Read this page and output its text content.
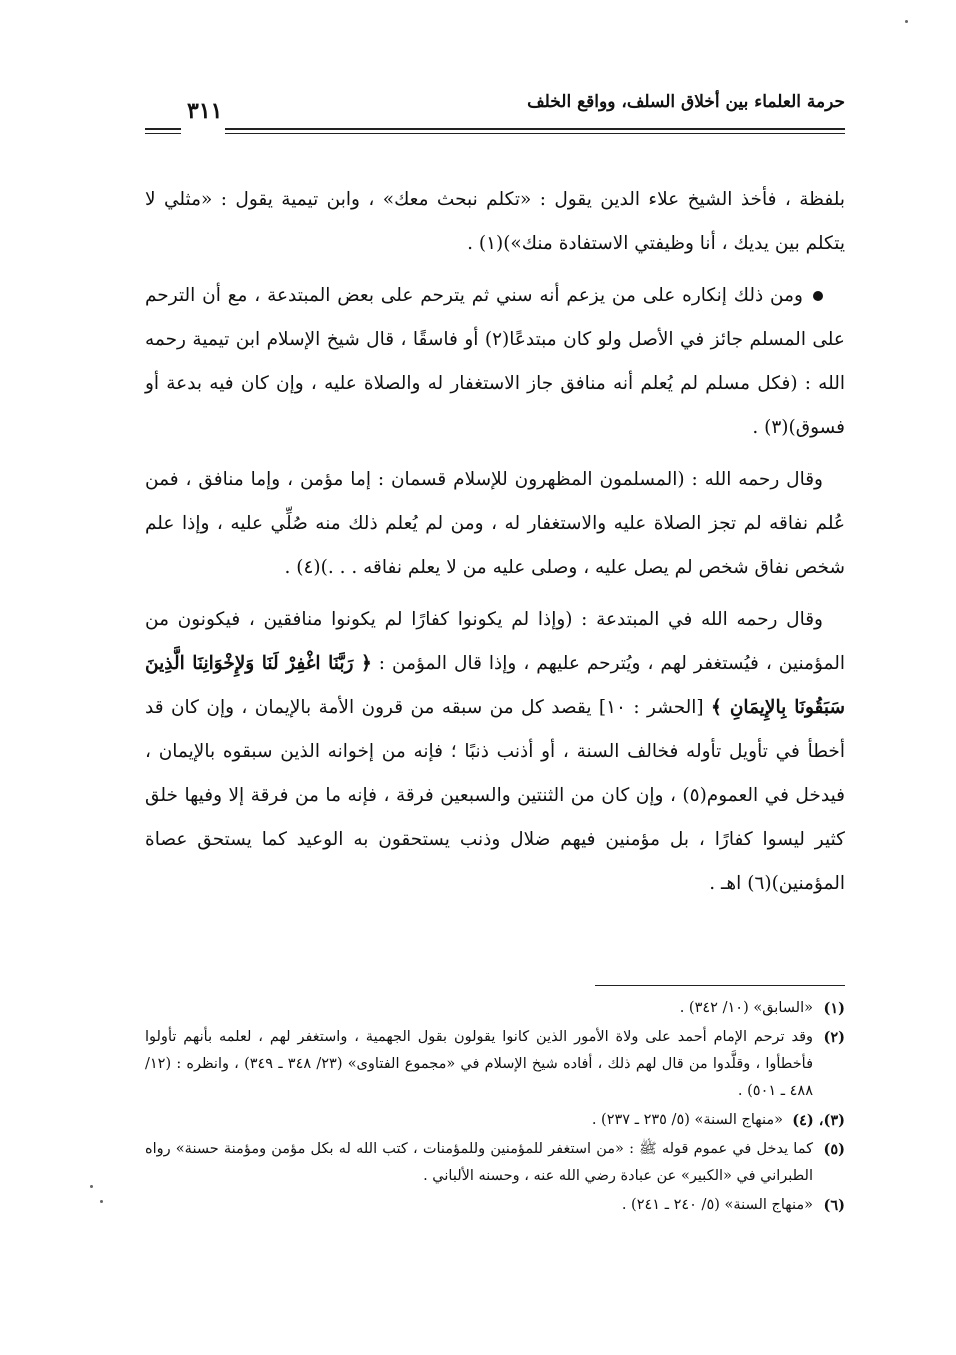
حرمة العلماء بين أخلاق السلف، وواقع الخلف
٣١١

بلفظة ، فأخذ الشيخ علاء الدين يقول : «تكلم نبحث معك» ، وابن تيمية يقول : «مثلي لا يتكلم بين يديك ، أنا وظيفتي الاستفادة منك»)(١) .

ومن ذلك إنكاره على من يزعم أنه سني ثم يترحم على بعض المبتدعة ، مع أن الترحم على المسلم جائز في الأصل ولو كان مبتدعًا(٢) أو فاسقًا ، قال شيخ الإسلام ابن تيمية رحمه الله : (فكل مسلم لم يُعلم أنه منافق جاز الاستغفار له والصلاة عليه ، وإن كان فيه بدعة أو فسوق)(٣) .

وقال رحمه الله : (المسلمون المظهرون للإسلام قسمان : إما مؤمن ، وإما منافق ، فمن عُلم نفاقه لم تجز الصلاة عليه والاستغفار له ، ومن لم يُعلم ذلك منه صُلِّي عليه ، وإذا علم شخص نفاق شخص لم يصل عليه ، وصلى عليه من لا يعلم نفاقه . . .)(٤) .

وقال رحمه الله في المبتدعة : (وإذا لم يكونوا كفارًا لم يكونوا منافقين ، فيكونون من المؤمنين ، فيُستغفر لهم ، ويُترحم عليهم ، وإذا قال المؤمن : ﴿ رَبَّنَا اغْفِرْ لَنَا وَلإِخْوَانِنَا الَّذِينَ سَبَقُونَا بِالإِيمَانِ ﴾ [الحشر : ١٠] يقصد كل من سبقه من قرون الأمة بالإيمان ، وإن كان قد أخطأ في تأويل تأوله فخالف السنة ، أو أذنب ذنبًا ؛ فإنه من إخوانه الذين سبقوه بالإيمان ، فيدخل في العموم(٥) ، وإن كان من الثنتين والسبعين فرقة ، فإنه ما من فرقة إلا وفيها خلق كثير ليسوا كفارًا ، بل مؤمنين فيهم ضلال وذنب يستحقون به الوعيد كما يستحق عصاة المؤمنين)(٦) اهـ .

(١)
«السابق» (١٠/ ٣٤٢) .
(٢)
وقد ترحم الإمام أحمد على ولاة الأمور الذين كانوا يقولون بقول الجهمية ، واستغفر لهم ، لعلمه بأنهم تأولوا فأخطأوا ، وقلَّدوا من قال لهم ذلك ، أفاده شيخ الإسلام في «مجموع الفتاوى» (٢٣/ ٣٤٨ ـ ٣٤٩) ، وانظره : (١٢/ ٤٨٨ ـ ٥٠١) .
(٣)، (٤)
«منهاج السنة» (٥/ ٢٣٥ ـ ٢٣٧) .
(٥)
كما يدخل في عموم قوله ﷺ : «من استغفر للمؤمنين وللمؤمنات ، كتب الله له بكل مؤمن ومؤمنة حسنة» رواه الطبراني في «الكبير» عن عبادة رضي الله عنه ، وحسنه الألباني .
(٦)
«منهاج السنة» (٥/ ٢٤٠ ـ ٢٤١) .
